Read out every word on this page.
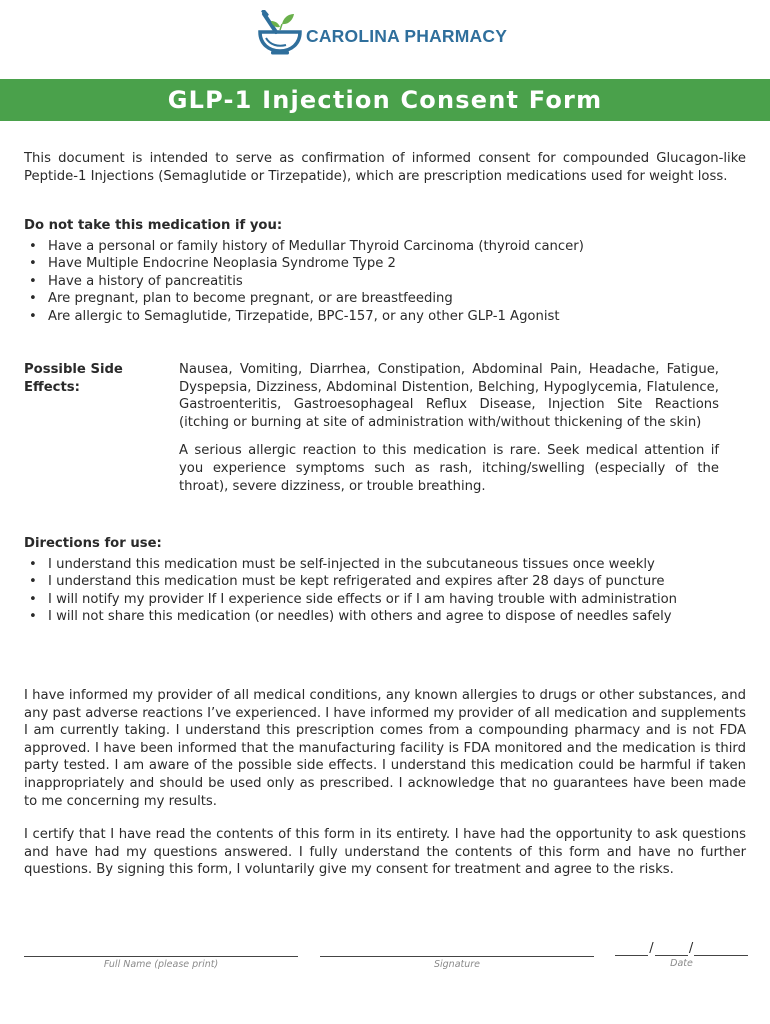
CAROLINA PHARMACY
GLP-1 Injection Consent Form
This document is intended to serve as confirmation of informed consent for compounded Glucagon-like Peptide-1 Injections (Semaglutide or Tirzepatide), which are prescription medications used for weight loss.

Do not take this medication if you:

• Have a personal or family history of Medullar Thyroid Carcinoma (thyroid cancer)
• Have Multiple Endocrine Neoplasia Syndrome Type 2
• Have a history of pancreatitis
• Are pregnant, plan to become pregnant, or are breastfeeding
• Are allergic to Semaglutide, Tirzepatide, BPC-157, or any other GLP-1 Agonist
Possible Side Effects:

Nausea, Vomiting, Diarrhea, Constipation, Abdominal Pain, Headache, Fatigue, Dyspepsia, Dizziness, Abdominal Distention, Belching, Hypoglycemia, Flatulence, Gastroenteritis, Gastroesophageal Reflux Disease, Injection Site Reactions (itching or burning at site of administration with/without thickening of the skin)

A serious allergic reaction to this medication is rare. Seek medical attention if you experience symptoms such as rash, itching/swelling (especially of the throat), severe dizziness, or trouble breathing.

Directions for use:

• I understand this medication must be self-injected in the subcutaneous tissues once weekly
• I understand this medication must be kept refrigerated and expires after 28 days of puncture
• I will notify my provider If I experience side effects or if I am having trouble with administration
• I will not share this medication (or needles) with others and agree to dispose of needles safely
I have informed my provider of all medical conditions, any known allergies to drugs or other substances, and any past adverse reactions I’ve experienced. I have informed my provider of all medication and supplements I am currently taking. I understand this prescription comes from a compounding pharmacy and is not FDA approved. I have been informed that the manufacturing facility is FDA monitored and the medication is third party tested. I am aware of the possible side effects. I understand this medication could be harmful if taken inappropriately and should be used only as prescribed. I acknowledge that no guarantees have been made to me concerning my results.
I certify that I have read the contents of this form in its entirety. I have had the opportunity to ask questions and have had my questions answered. I fully understand the contents of this form and have no further questions. By signing this form, I voluntarily give my consent for treatment and agree to the risks.
Full Name (please print)	Signature
/	/
Date
